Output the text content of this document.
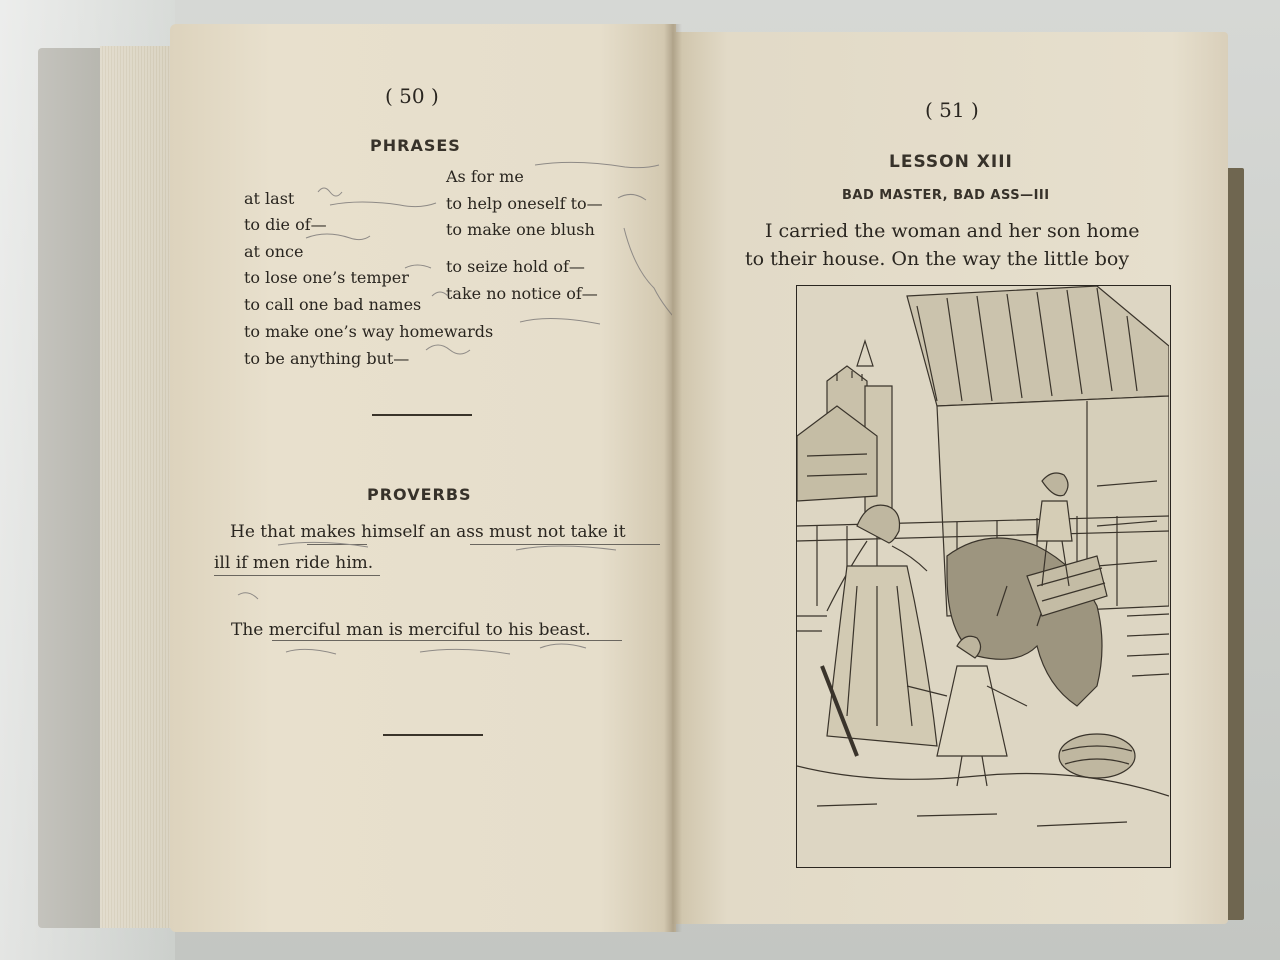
( 50 )
PHRASES
at last
to die of—
at once
to lose one’s temper
to call one bad names
to make one’s way homewards
to be anything but—
As for me
to help oneself to—
to make one blush
to seize hold of—
take no notice of—
PROVERBS
He that makes himself an ass must not take it
ill if men ride him.
The merciful man is merciful to his beast.
( 51 )
LESSON XIII
BAD MASTER, BAD ASS—III
I carried the woman and her son home
to their house. On the way the little boy
